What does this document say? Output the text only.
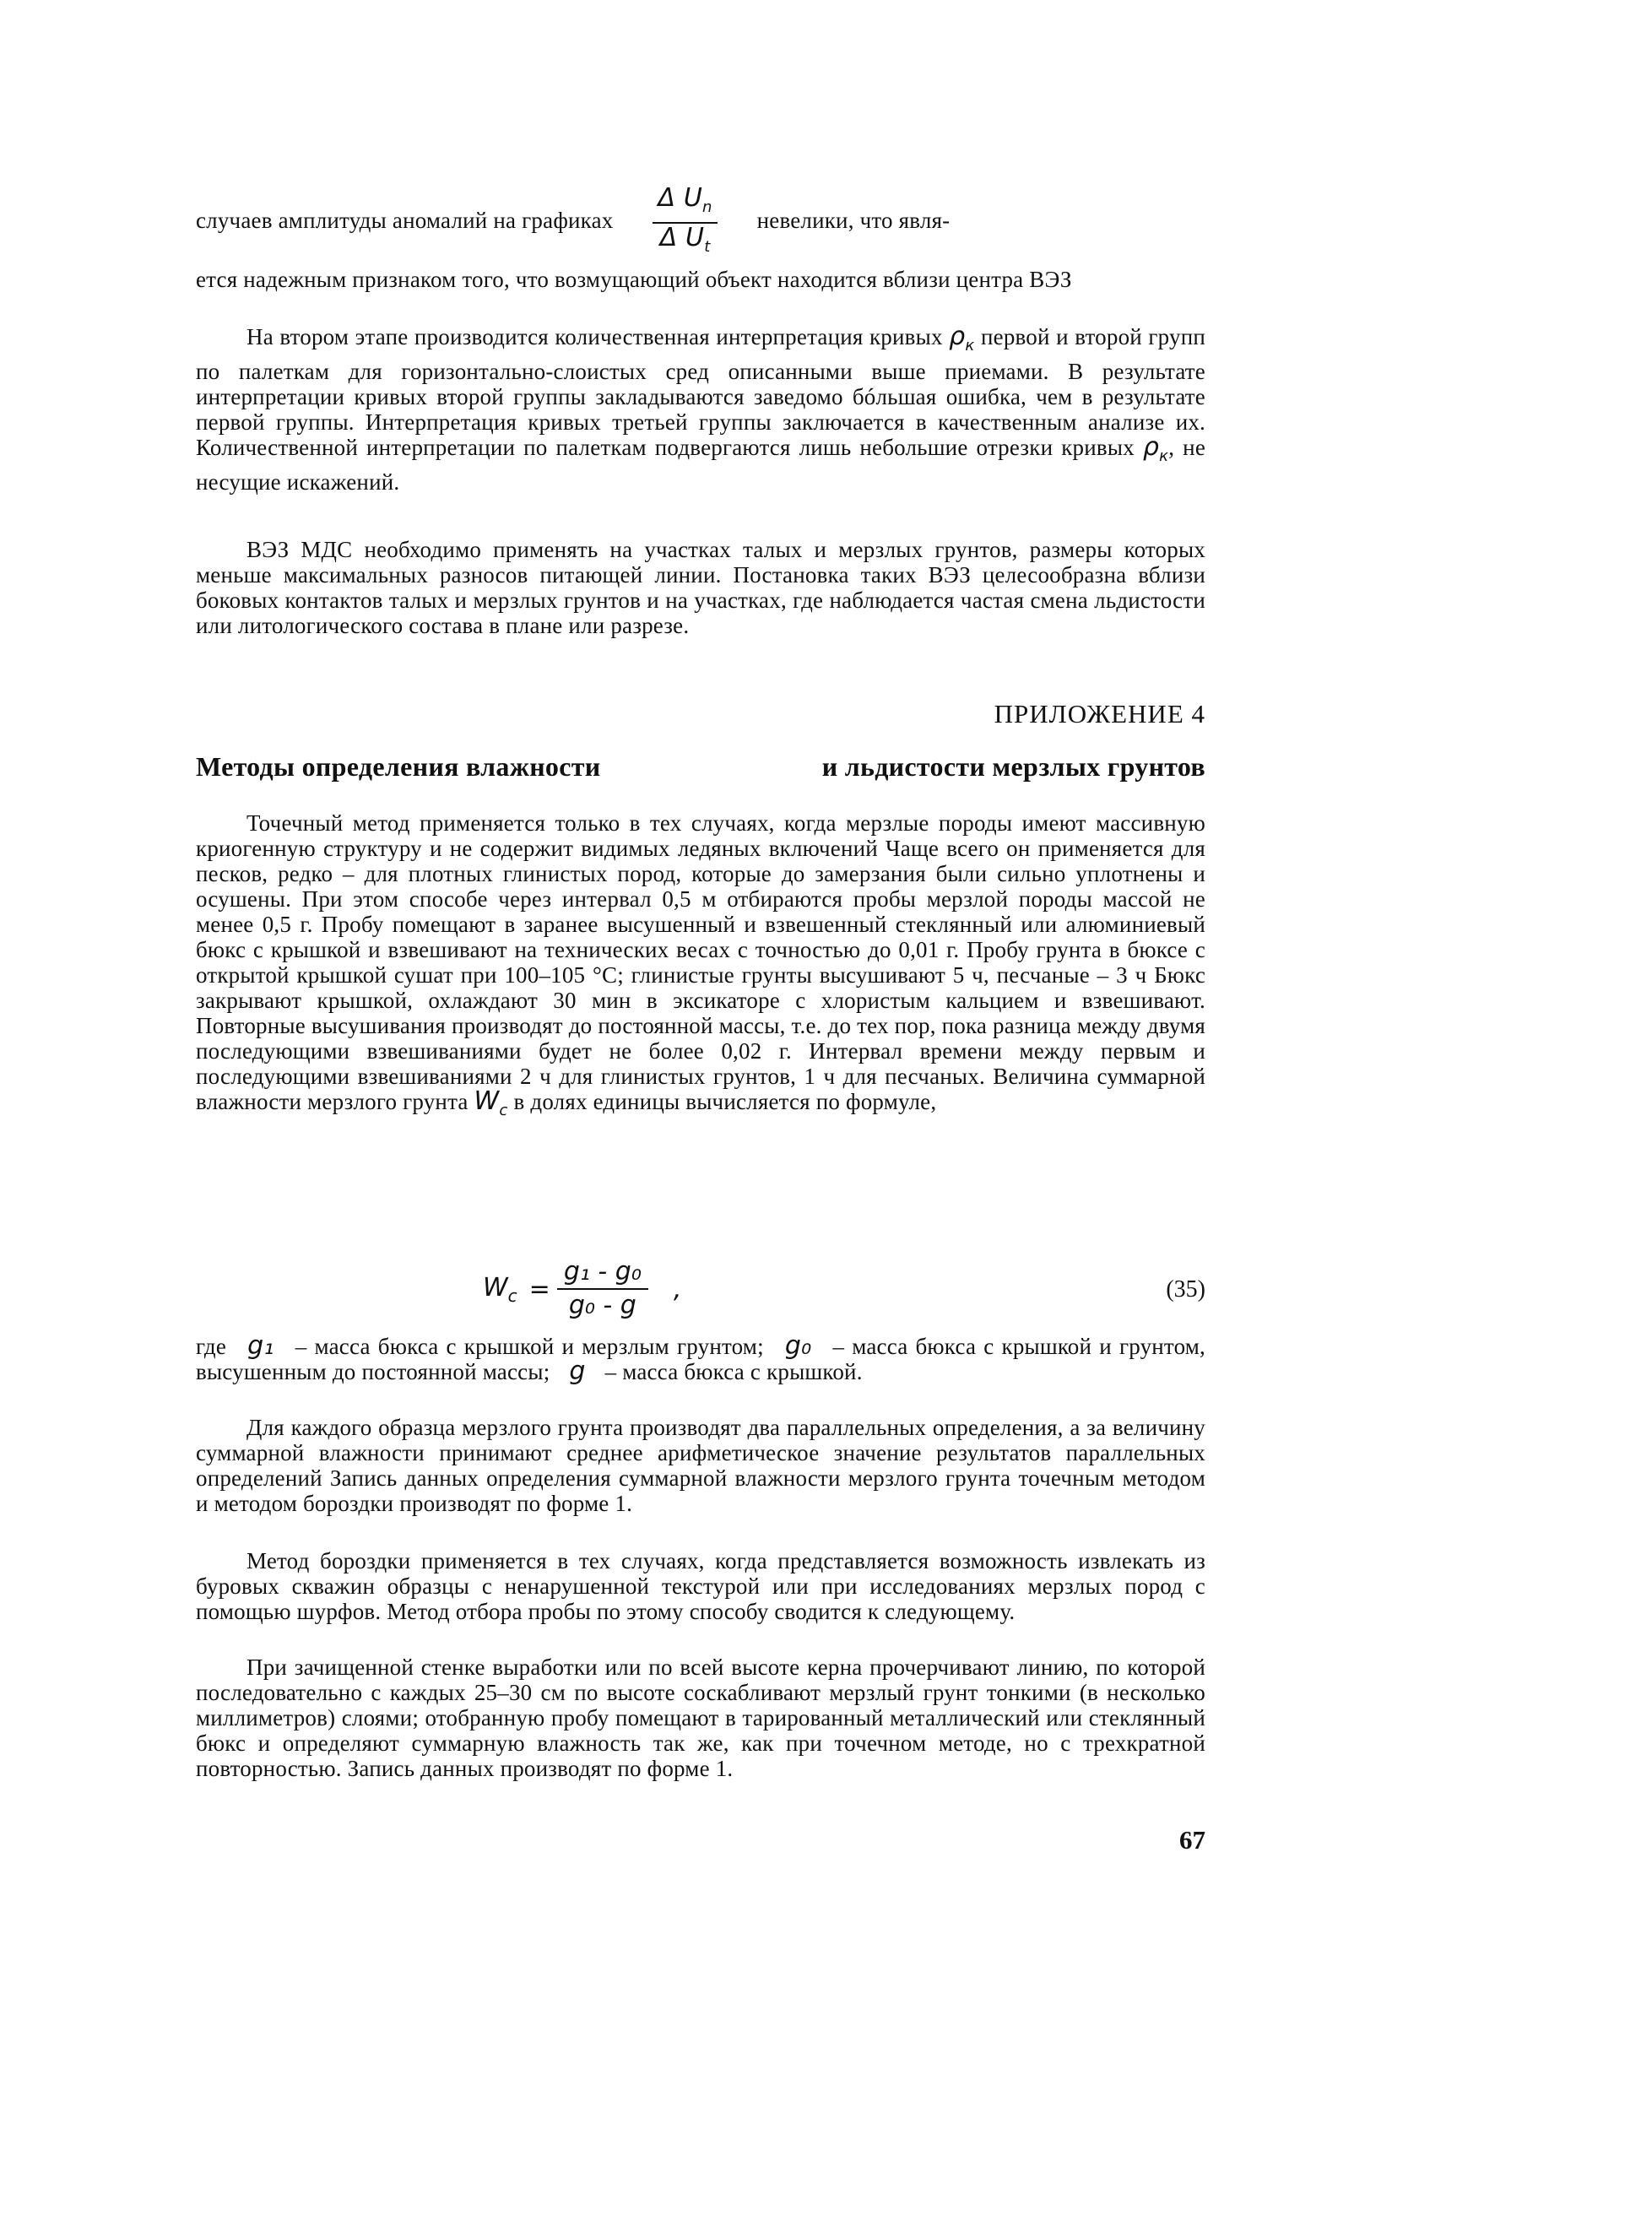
случаев амплитуды аномалий на графиках $\frac{\Delta U_n}{\Delta U_t}$ невелики, что явля-

ется надежным признаком того, что возмущающий объект находится вблизи центра ВЭЗ

На втором этапе производится количественная интерпретация кривых $\rho_к$ первой и второй групп по палеткам для горизонтально-слоистых сред описанными выше приемами. В результате интерпретации кривых второй группы закладываются заведомо бóльшая ошибка, чем в результате первой группы. Интерпретация кривых третьей группы заключается в качественным анализе их. Количественной интерпретации по палеткам подвергаются лишь небольшие отрезки кривых $\rho_к$, не несущие искажений.

ВЭЗ МДС необходимо применять на участках талых и мерзлых грунтов, размеры которых меньше максимальных разносов питающей линии. Постановка таких ВЭЗ целесообразна вблизи боковых контактов талых и мерзлых грунтов и на участках, где наблюдается частая смена льдистости или литологического состава в плане или разрезе.

ПРИЛОЖЕНИЕ 4

Методы определения влажности	и льдистости мерзлых грунтов

Точечный метод применяется только в тех случаях, когда мерзлые породы имеют массивную криогенную структуру и не содержит видимых ледяных включений Чаще всего он применяется для песков, редко – для плотных глинистых пород, которые до замерзания были сильно уплотнены и осушены. При этом способе через интервал 0,5 м отбираются пробы мерзлой породы массой не менее 0,5 г. Пробу помещают в заранее высушенный и взвешенный стеклянный или алюминиевый бюкс с крышкой и взвешивают на технических весах с точностью до 0,01 г. Пробу грунта в бюксе с открытой крышкой сушат при 100–105 °С; глинистые грунты высушивают 5 ч, песчаные – 3 ч Бюкс закрывают крышкой, охлаждают 30 мин в эксикаторе с хлористым кальцием и взвешивают. Повторные высушивания производят до постоянной массы, т.е. до тех пор, пока разница между двумя последующими взвешиваниями будет не более 0,02 г. Интервал времени между первым и последующими взвешиваниями 2 ч для глинистых грунтов, 1 ч для песчаных. Величина суммарной влажности мерзлого грунта $W_c$ в долях единицы вычисляется по формуле,

$W_c = \frac{\text{g₁ - g₀}}{\text{g₀ - g}}$ ,	(35)

где g₁ – масса бюкса с крышкой и мерзлым грунтом; g₀ – масса бюкса с крышкой и грунтом, высушенным до постоянной массы; g – масса бюкса с крышкой.

Для каждого образца мерзлого грунта производят два параллельных определения, а за величину суммарной влажности принимают среднее арифметическое значение результатов параллельных определений Запись данных определения суммарной влажности мерзлого грунта точечным методом и методом бороздки производят по форме 1.

Метод бороздки применяется в тех случаях, когда представляется возможность извлекать из буровых скважин образцы с ненарушенной текстурой или при исследованиях мерзлых пород с помощью шурфов. Метод отбора пробы по этому способу сводится к следующему.

При зачищенной стенке выработки или по всей высоте керна прочерчивают линию, по которой последовательно с каждых 25–30 см по высоте соскабливают мерзлый грунт тонкими (в несколько миллиметров) слоями; отобранную пробу помещают в тарированный металлический или стеклянный бюкс и определяют суммарную влажность так же, как при точечном методе, но с трехкратной повторностью. Запись данных производят по форме 1.

67
